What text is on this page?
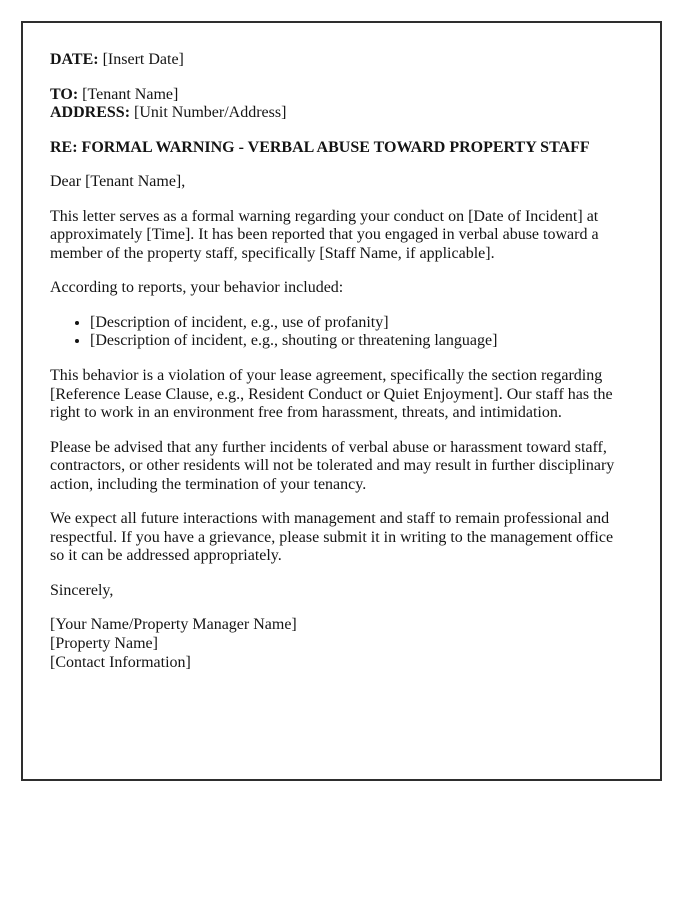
DATE: [Insert Date]

TO: [Tenant Name]
ADDRESS: [Unit Number/Address]

RE: FORMAL WARNING - VERBAL ABUSE TOWARD PROPERTY STAFF

Dear [Tenant Name],

This letter serves as a formal warning regarding your conduct on [Date of Incident] at approximately [Time]. It has been reported that you engaged in verbal abuse toward a member of the property staff, specifically [Staff Name, if applicable].

According to reports, your behavior included:

• [Description of incident, e.g., use of profanity]
• [Description of incident, e.g., shouting or threatening language]

This behavior is a violation of your lease agreement, specifically the section regarding [Reference Lease Clause, e.g., Resident Conduct or Quiet Enjoyment]. Our staff has the right to work in an environment free from harassment, threats, and intimidation.

Please be advised that any further incidents of verbal abuse or harassment toward staff, contractors, or other residents will not be tolerated and may result in further disciplinary action, including the termination of your tenancy.

We expect all future interactions with management and staff to remain professional and respectful. If you have a grievance, please submit it in writing to the management office so it can be addressed appropriately.

Sincerely,

[Your Name/Property Manager Name]
[Property Name]
[Contact Information]
